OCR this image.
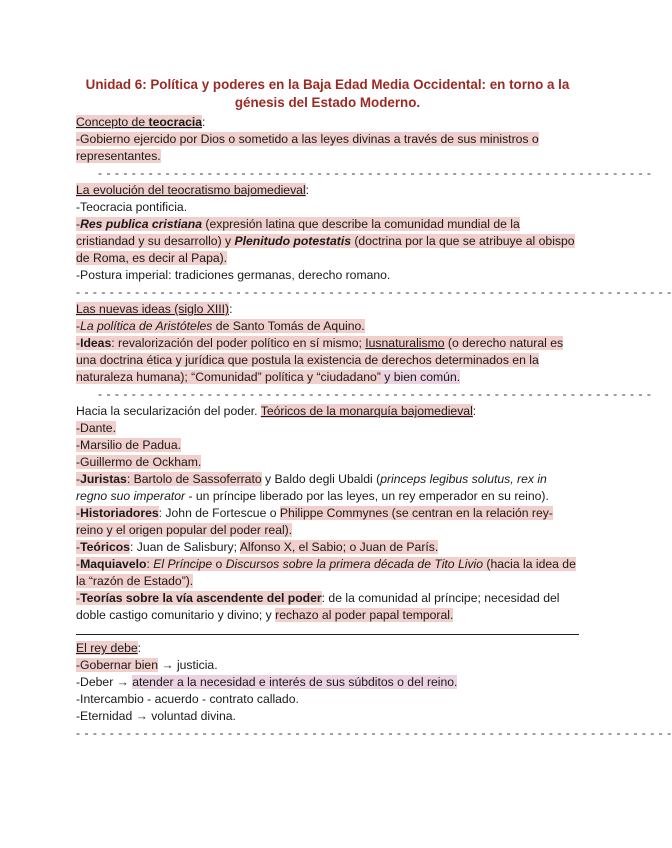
Unidad 6: Política y poderes en la Baja Edad Media Occidental: en torno a la génesis del Estado Moderno.
Concepto de teocracia:
-Gobierno ejercido por Dios o sometido a las leyes divinas a través de sus ministros o representantes.
- - - - - - - - - - - - - - - - - - - - - - - - - - - - - - - - - - - - - - - - - - - - - - - - - - - - - - - - - - - - - - - - - -
La evolución del teocratismo bajomedieval:
-Teocracia pontificia.
-Res publica cristiana (expresión latina que describe la comunidad mundial de la cristiandad y su desarrollo) y Plenitudo potestatis (doctrina por la que se atribuye al obispo de Roma, es decir al Papa).
-Postura imperial: tradiciones germanas, derecho romano.
- - - - - - - - - - - - - - - - - - - - - - - - - - - - - - - - - - - - - - - - - - - - - - - - - - - - - - - - - - - - - - - - - - - - - - -
Las nuevas ideas (siglo XIII):
-La política de Aristóteles de Santo Tomás de Aquino.
-Ideas: revalorización del poder político en sí mismo; Iusnaturalismo (o derecho natural es una doctrina ética y jurídica que postula la existencia de derechos determinados en la naturaleza humana); “Comunidad” política y “ciudadano” y bien común.
- - - - - - - - - - - - - - - - - - - - - - - - - - - - - - - - - - - - - - - - - - - - - - - - - - - - - - - - - - - - - - - - - -
Hacia la secularización del poder. Teóricos de la monarquía bajomedieval:
-Dante.
-Marsilio de Padua.
-Guillermo de Ockham.
-Juristas: Bartolo de Sassoferrato y Baldo degli Ubaldi (princeps legibus solutus, rex in regno suo imperator - un príncipe liberado por las leyes, un rey emperador en su reino).
-Historiadores: John de Fortescue o Philippe Commynes (se centran en la relación rey-reino y el origen popular del poder real).
-Teóricos: Juan de Salisbury; Alfonso X, el Sabio; o Juan de París.
-Maquiavelo: El Príncipe o Discursos sobre la primera década de Tito Livio (hacia la idea de la “razón de Estado”).
-Teorías sobre la vía ascendente del poder: de la comunidad al príncipe; necesidad del doble castigo comunitario y divino; y rechazo al poder papal temporal.
El rey debe:
-Gobernar bien → justicia.
-Deber → atender a la necesidad e interés de sus súbditos o del reino.
-Intercambio - acuerdo - contrato callado.
-Eternidad → voluntad divina.
- - - - - - - - - - - - - - - - - - - - - - - - - - - - - - - - - - - - - - - - - - - - - - - - - - - - - - - - - - - - - - - - - - - - - - -
